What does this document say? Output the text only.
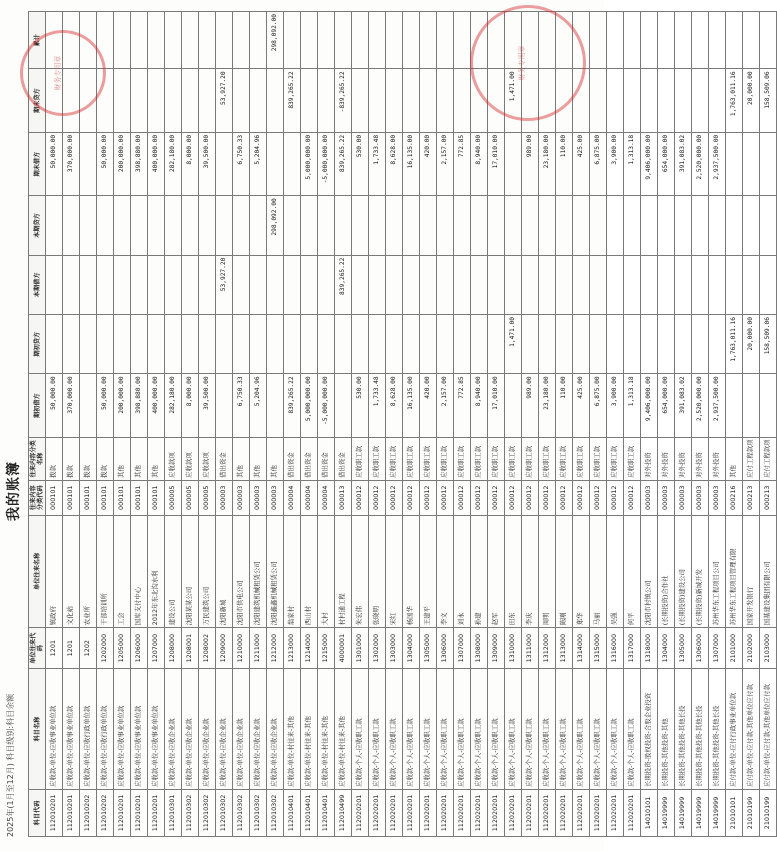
2025年(1月至12月) 科目级别:科目余额
我的账簿
科目代码	科目名称	单位往来代码	单位往来名称	往来内容分类代码	往来内容分类名称	期初借方	期初贷方	本期借方	本期贷方	期末借方	期末贷方	累计
112010201	应收款-单位-应收事业单位款	1201	镇政府	000101	拨款	50,000.00				50,000.00		
112010201	应收款-单位-应收事业单位款	1201	文化站	000101	拨款	370,000.00				370,000.00		
112010202	应收款-单位-应收行政单位款	1202	农业所	000101	拨款							
112010202	应收款-单位-应收行政单位款	1202000	干部培训所	000101	拨款	50,000.00				50,000.00		
112010201	应收款-单位-应收事业单位款	1205000	工会	000101	其他	200,000.00				200,000.00		
112010201	应收款-单位-应收事业单位款	1206000	国库支付中心	000101	其他	398,880.00				398,880.00		
112010201	应收款-单位-应收事业单位款	1207000	2012年东北沟水利	000101	其他	400,000.00				400,000.00		
112010301	应收款-单位-应收企业款	1208000	建设公司	000005	应收款项	282,180.00				282,180.00		
112010302	应收款-单位-应收企业款	1208001	沈阳某某公司	000005	应收款项	8,000.00				8,000.00		
112010302	应收款-单位-应收企业款	1208002	万民建筑公司	000005	应收款项	39,500.00				39,500.00		
112010302	应收款-单位-应收企业款	1209000	沈阳新城	000003	借出资金			53,927.20			53,927.20	
112010302	应收款-单位-应收企业款	1210000	沈阳市供电公司	000003	其他	6,750.33				6,750.33		
112010302	应收款-单位-应收企业款	1211000	沈阳建筑机械租赁公司	000003	其他	5,204.96				5,204.96		
112010302	应收款-单位-应收企业款	1212000	沈阳鑫鑫机械租赁公司	000003	其他				298,092.00			298,092.00
112010401	应收款-单位-村往来-其他	1213000	翁家村	000004	借出资金	839,265.22					839,265.22	
112010401	应收款-单位-村往来-其他	1214000	西山村	000004	借出资金	5,000,000.00				5,000,000.00		
112010401	应收款-单位-村往来-其他	1215000	大村	000004	借出资金	-5,000,000.00				-5,000,000.00		
112010499	应收款-单位-村往来-其他	4000001	村村通工程	000013	借出资金			839,265.22		839,265.22	-839,265.22	
112020201	应收款-个人-应收职工款	1301000	朱宏伟	000012	应收职工款	530.00				530.00		
112020201	应收款-个人-应收职工款	1302000	张晓明	000012	应收职工款	1,733.48				1,733.48		
112020201	应收款-个人-应收职工款	1303000	宋红	000012	应收职工款	8,628.00				8,628.00		
112020201	应收款-个人-应收职工款	1304000	杨国华	000012	应收职工款	16,135.00				16,135.00		
112020201	应收款-个人-应收职工款	1305000	王建平	000012	应收职工款	420.00				420.00		
112020201	应收款-个人-应收职工款	1306000	李文	000012	应收职工款	2,157.00				2,157.00		
112020201	应收款-个人-应收职工款	1307000	刘永	000012	应收职工款	772.85				772.85		
112020201	应收款-个人-应收职工款	1308000	孙建	000012	应收职工款	8,940.00				8,940.00		
112020201	应收款-个人-应收职工款	1309000	赵军	000012	应收职工款	17,010.00				17,010.00		
112020201	应收款-个人-应收职工款	1310000	田东	000012	应收职工款		1,471.00				1,471.00	
112020201	应收款-个人-应收职工款	1311000	李庆	000012	应收职工款	989.00				989.00		
112020201	应收款-个人-应收职工款	1312000	周明	000012	应收职工款	23,180.00				23,180.00		
112020201	应收款-个人-应收职工款	1313000	陈刚	000012	应收职工款	110.00				110.00		
112020201	应收款-个人-应收职工款	1314000	郑华	000012	应收职工款	425.00				425.00		
112020201	应收款-个人-应收职工款	1315000	马丽	000012	应收职工款	6,875.00				6,875.00		
112020201	应收款-个人-应收职工款	1316000	吴强	000012	应收职工款	3,900.00				3,900.00		
112020201	应收款-个人-应收职工款	1317000	何平	000012	应收职工款	1,313.18				1,313.18		
14010101	长期投资-股权投资-合股企业投资	1318000	沈阳市村镇公司	000003	对外投资	9,406,000.00				9,406,000.00		
14019999	长期投资-其他投资-其他	1304000	(长期投资)合作社	000003	对外投资	654,000.00				654,000.00		
14019999	长期投资-其他投资-其他长投	1305000	(长期投资)建设公司	000003	对外投资	391,083.02				391,083.02		
14019999	长期投资-其他投资-其他长投	1306000	(长期投资)新城开发	000003	对外投资	2,520,000.00				2,520,000.00		
14019999	长期投资-其他投资-其他长投	1307000	苏州华东工程项目公司	000003	对外投资	2,937,500.00				2,937,500.00		
21010101	应付款-单位-应付行政事业单位款	2101000	苏州华东工程项目管理有限	000216	其他		1,763,011.16				1,763,011.16	
21010199	应付款-单位-应付款-其他单位应付款	2102000	国家开发银行	000213	应付工程款项		20,000.00				20,000.00	
21010199	应付款-单位-应付款-其他单位应付款	2103000	国基建设集团有限公司	000213	应付工程款项		158,509.06				158,509.06	
财务专用章
财务专用章
